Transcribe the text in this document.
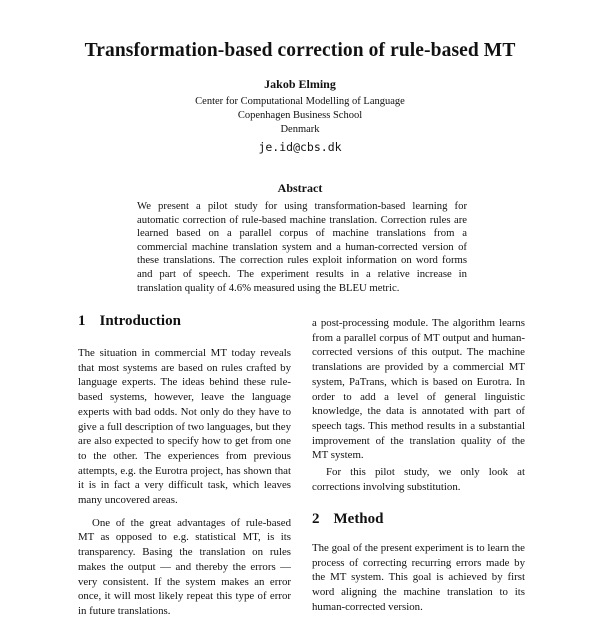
Transformation-based correction of rule-based MT
Jakob Elming
Center for Computational Modelling of Language
Copenhagen Business School
Denmark
je.id@cbs.dk
Abstract
We present a pilot study for using transformation-based learning for automatic correction of rule-based machine translation. Correction rules are learned based on a parallel corpus of machine translations from a commercial machine translation system and a human-corrected version of these translations. The correction rules exploit information on word forms and part of speech. The experiment results in a relative increase in translation quality of 4.6% measured using the BLEU metric.
1 Introduction

The situation in commercial MT today reveals that most systems are based on rules crafted by language experts. The ideas behind these rule-based systems, however, leave the language experts with bad odds. Not only do they have to give a full description of two languages, but they are also expected to specify how to get from one to the other. The experiences from previous attempts, e.g. the Eurotra project, has shown that it is in fact a very difficult task, which leaves many uncovered areas.

One of the great advantages of rule-based MT as opposed to e.g. statistical MT, is its transparency. Basing the translation on rules makes the output — and thereby the errors — very consistent. If the system makes an error once, it will most likely repeat this type of error in future translations.

a post-processing module. The algorithm learns from a parallel corpus of MT output and human-corrected versions of this output. The machine translations are provided by a commercial MT system, PaTrans, which is based on Eurotra. In order to add a level of general linguistic knowledge, the data is annotated with part of speech tags. This method results in a substantial improvement of the translation quality of the MT system.

For this pilot study, we only look at corrections involving substitution.

2 Method

The goal of the present experiment is to learn the process of correcting recurring errors made by the MT system. This goal is achieved by first word aligning the machine translation to its human-corrected version.
